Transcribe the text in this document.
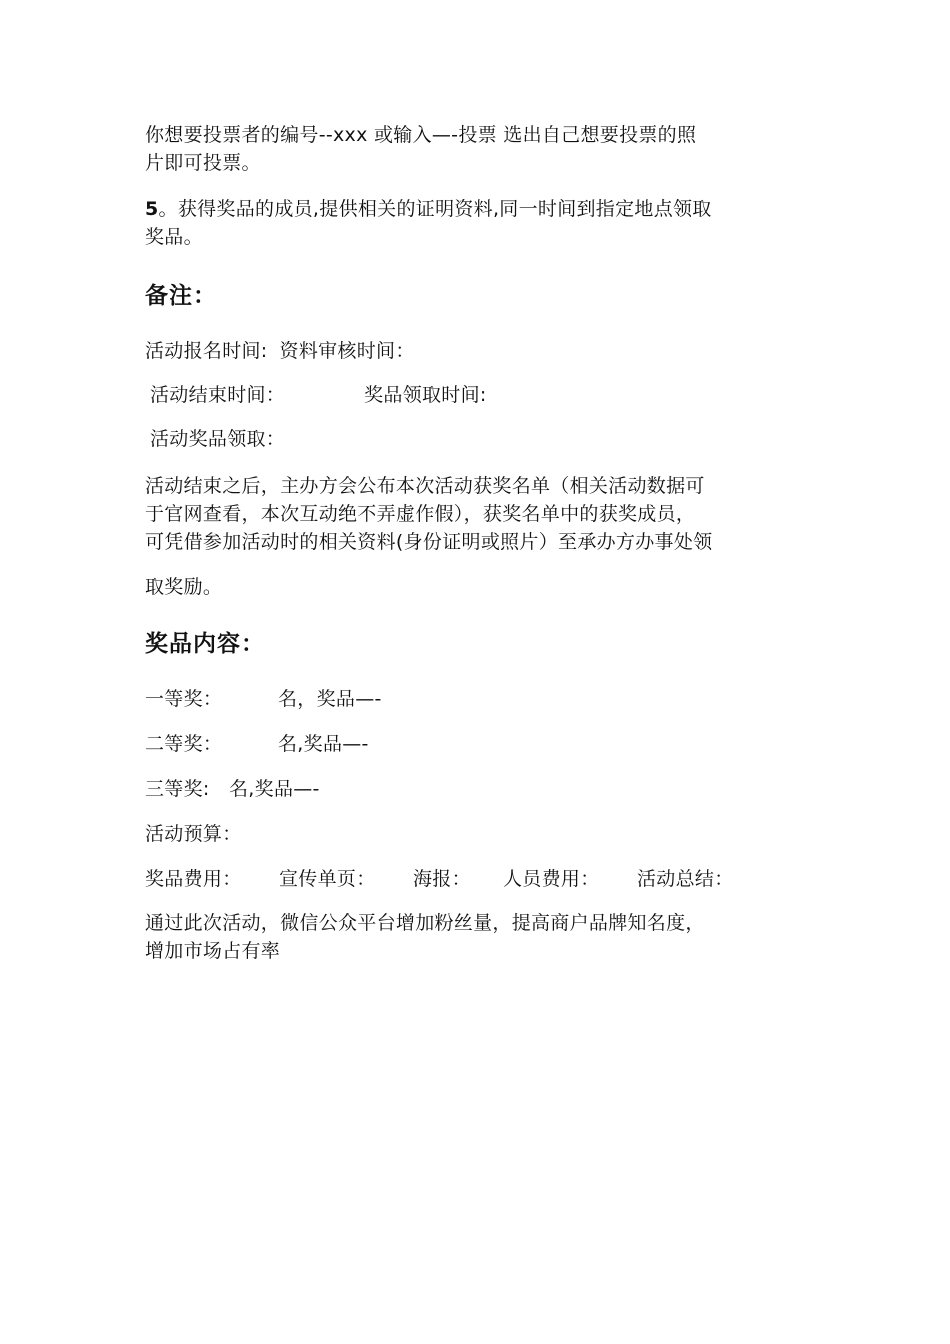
你想要投票者的编号--xxx 或输入—-投票 选出自己想要投票的照
片即可投票。
5。获得奖品的成员,提供相关的证明资料,同一时间到指定地点领取
奖品。
备注：
活动报名时间: 资料审核时间：
活动结束时间：	奖品领取时间:
活动奖品领取：
活动结束之后，主办方会公布本次活动获奖名单（相关活动数据可
于官网查看，本次互动绝不弄虚作假），获奖名单中的获奖成员，
可凭借参加活动时的相关资料(身份证明或照片）至承办方办事处领
取奖励。
奖品内容：
一等奖：	名，奖品—-
二等奖：	名,奖品—-
三等奖: 名,奖品—-
活动预算：
奖品费用： 宣传单页： 海报： 人员费用： 活动总结：
通过此次活动，微信公众平台增加粉丝量，提高商户品牌知名度，
增加市场占有率
